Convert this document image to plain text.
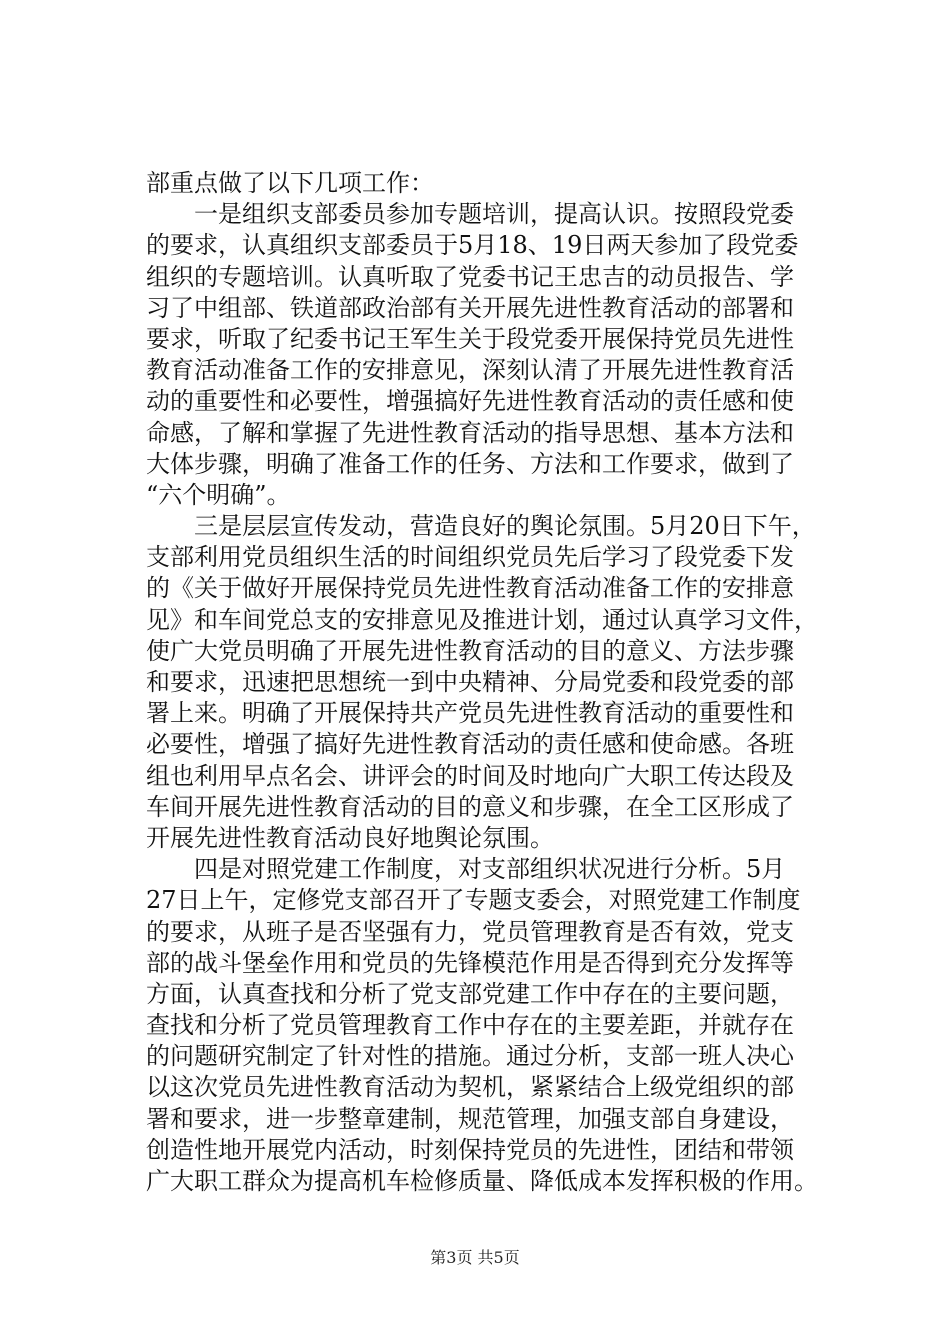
部重点做了以下几项工作：
一是组织支部委员参加专题培训，提高认识。按照段党委
的要求，认真组织支部委员于5月18、19日两天参加了段党委
组织的专题培训。认真听取了党委书记王忠吉的动员报告、学
习了中组部、铁道部政治部有关开展先进性教育活动的部署和
要求，听取了纪委书记王军生关于段党委开展保持党员先进性
教育活动准备工作的安排意见，深刻认清了开展先进性教育活
动的重要性和必要性，增强搞好先进性教育活动的责任感和使
命感，了解和掌握了先进性教育活动的指导思想、基本方法和
大体步骤，明确了准备工作的任务、方法和工作要求，做到了
“六个明确”。
三是层层宣传发动，营造良好的舆论氛围。5月20日下午，
支部利用党员组织生活的时间组织党员先后学习了段党委下发
的《关于做好开展保持党员先进性教育活动准备工作的安排意
见》和车间党总支的安排意见及推进计划，通过认真学习文件，
使广大党员明确了开展先进性教育活动的目的意义、方法步骤
和要求，迅速把思想统一到中央精神、分局党委和段党委的部
署上来。明确了开展保持共产党员先进性教育活动的重要性和
必要性，增强了搞好先进性教育活动的责任感和使命感。各班
组也利用早点名会、讲评会的时间及时地向广大职工传达段及
车间开展先进性教育活动的目的意义和步骤，在全工区形成了
开展先进性教育活动良好地舆论氛围。
四是对照党建工作制度，对支部组织状况进行分析。5月
27日上午，定修党支部召开了专题支委会，对照党建工作制度
的要求，从班子是否坚强有力，党员管理教育是否有效，党支
部的战斗堡垒作用和党员的先锋模范作用是否得到充分发挥等
方面，认真查找和分析了党支部党建工作中存在的主要问题，
查找和分析了党员管理教育工作中存在的主要差距，并就存在
的问题研究制定了针对性的措施。通过分析，支部一班人决心
以这次党员先进性教育活动为契机，紧紧结合上级党组织的部
署和要求，进一步整章建制，规范管理，加强支部自身建设，
创造性地开展党内活动，时刻保持党员的先进性，团结和带领
广大职工群众为提高机车检修质量、降低成本发挥积极的作用。
第3页 共5页
